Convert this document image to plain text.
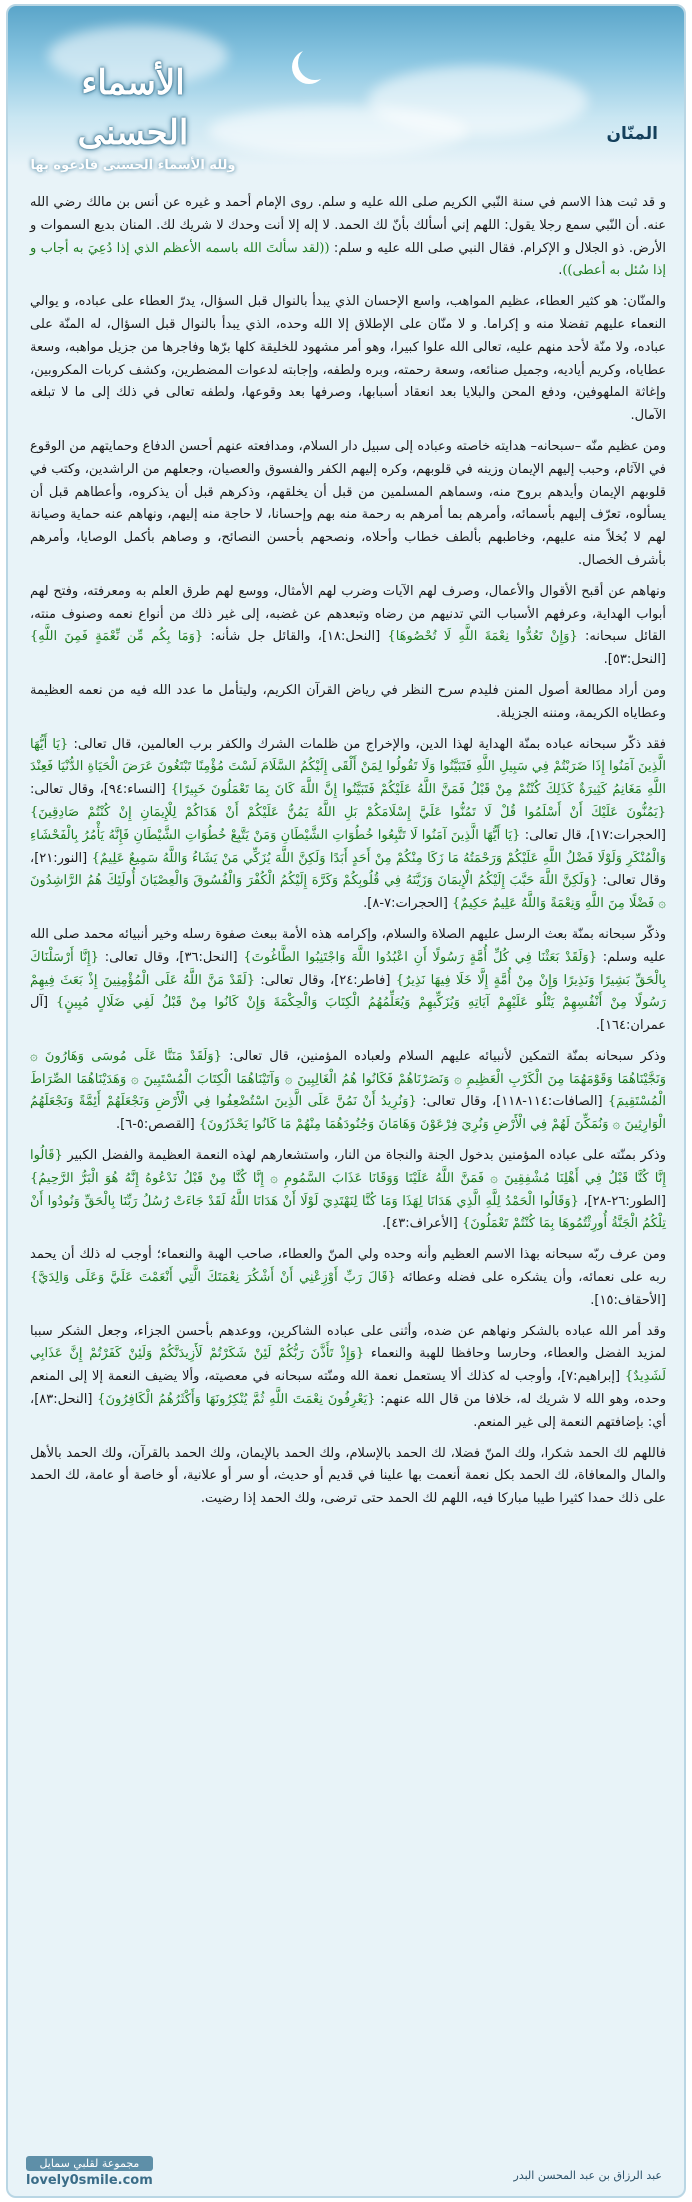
الأسماء الحسنى
ولله الأسماء الحسنى فادعوه بها
المنّان

و قد ثبت هذا الاسم في سنة النّبي الكريم صلى الله عليه و سلم. روى الإمام أحمد و غيره عن أنس بن مالك رضي الله عنه. أن النّبي سمع رجلا يقول: اللهم إني أسألك بأنّ لك الحمد. لا إله إلا أنت وحدك لا شريك لك. المنان بديع السموات و الأرض. ذو الجلال و الإكرام. فقال النبي صلى الله عليه و سلم: ((لقد سألتَ الله باسمه الأعظم الذي إذا دُعِيَ به أجاب و إذا سُئل به أعطى)).

والمنّان: هو كثير العطاء، عظيم المواهب، واسع الإحسان الذي يبدأ بالنوال قبل السؤال، يدرّ العطاء على عباده، و يوالي النعماء عليهم تفضلا منه و إكراما. و لا منّان على الإطلاق إلا الله وحده، الذي يبدأ بالنوال قبل السؤال، له المنّة على عباده، ولا منّة لأحد منهم عليه، تعالى الله علوا كبيرا، وهو أمر مشهود للخليقة كلها برّها وفاجرها من جزيل مواهبه، وسعة عطاياه، وكريم أياديه، وجميل صنائعه، وسعة رحمته، وبره ولطفه، وإجابته لدعوات المضطرين، وكشف كربات المكروبين، وإغاثة الملهوفين، ودفع المحن والبلايا بعد انعقاد أسبابها، وصرفها بعد وقوعها، ولطفه تعالى في ذلك إلى ما لا تبلغه الآمال.

ومن عظيم منّه –سبحانه– هدايته خاصته وعباده إلى سبيل دار السلام، ومدافعته عنهم أحسن الدفاع وحمايتهم من الوقوع في الآثام، وحبب إليهم الإيمان وزينه في قلوبهم، وكره إليهم الكفر والفسوق والعصيان، وجعلهم من الراشدين، وكتب في قلوبهم الإيمان وأيدهم بروح منه، وسماهم المسلمين من قبل أن يخلقهم، وذكرهم قبل أن يذكروه، وأعطاهم قبل أن يسألوه، تعرّف إليهم بأسمائه، وأمرهم بما أمرهم به رحمة منه بهم وإحسانا، لا حاجة منه إليهم، ونهاهم عنه حماية وصيانة لهم لا بُخلاً منه عليهم، وخاطبهم بألطف خطاب وأحلاه، ونصحهم بأحسن النصائح، و وصاهم بأكمل الوصايا، وأمرهم بأشرف الخصال.

ونهاهم عن أقبح الأقوال والأعمال، وصرف لهم الآيات وضرب لهم الأمثال، ووسع لهم طرق العلم به ومعرفته، وفتح لهم أبواب الهداية، وعرفهم الأسباب التي تدنيهم من رضاه وتبعدهم عن غضبه، إلى غير ذلك من أنواع نعمه وصنوف منته، القائل سبحانه: {وَإِنْ تَعُدُّوا نِعْمَةَ اللَّهِ لَا تُحْصُوهَا} [النحل:١٨]، والقائل جل شأنه: {وَمَا بِكُم مِّن نِّعْمَةٍ فَمِنَ اللَّهِ} [النحل:٥٣].

ومن أراد مطالعة أصول المنن فليدم سرح النظر في رياض القرآن الكريم، وليتأمل ما عدد الله فيه من نعمه العظيمة وعطاياه الكريمة، ومننه الجزيلة.

فقد ذكّر سبحانه عباده بمنّة الهداية لهذا الدين، والإخراج من ظلمات الشرك والكفر برب العالمين، قال تعالى: {يَا أَيُّهَا الَّذِينَ آمَنُوا إِذَا ضَرَبْتُمْ فِي سَبِيلِ اللَّهِ فَتَبَيَّنُوا وَلَا تَقُولُوا لِمَنْ أَلْقَى إِلَيْكُمُ السَّلَامَ لَسْتَ مُؤْمِنًا تَبْتَغُونَ عَرَضَ الْحَيَاةِ الدُّنْيَا فَعِنْدَ اللَّهِ مَغَانِمُ كَثِيرَةٌ كَذَلِكَ كُنْتُمْ مِنْ قَبْلُ فَمَنَّ اللَّهُ عَلَيْكُمْ فَتَبَيَّنُوا إِنَّ اللَّهَ كَانَ بِمَا تَعْمَلُونَ خَبِيرًا} [النساء:٩٤]، وقال تعالى: {يَمُنُّونَ عَلَيْكَ أَنْ أَسْلَمُوا قُلْ لَا تَمُنُّوا عَلَيَّ إِسْلَامَكُمْ بَلِ اللَّهُ يَمُنُّ عَلَيْكُمْ أَنْ هَدَاكُمْ لِلْإِيمَانِ إِنْ كُنْتُمْ صَادِقِينَ} [الحجرات:١٧]، قال تعالى: {يَا أَيُّهَا الَّذِينَ آمَنُوا لَا تَتَّبِعُوا خُطُوَاتِ الشَّيْطَانِ وَمَنْ يَتَّبِعْ خُطُوَاتِ الشَّيْطَانِ فَإِنَّهُ يَأْمُرُ بِالْفَحْشَاءِ وَالْمُنْكَرِ وَلَوْلَا فَضْلُ اللَّهِ عَلَيْكُمْ وَرَحْمَتُهُ مَا زَكَا مِنْكُمْ مِنْ أَحَدٍ أَبَدًا وَلَكِنَّ اللَّهَ يُزَكِّي مَنْ يَشَاءُ وَاللَّهُ سَمِيعٌ عَلِيمٌ} [النور:٢١]، وقال تعالى: {وَلَكِنَّ اللَّهَ حَبَّبَ إِلَيْكُمُ الْإِيمَانَ وَزَيَّنَهُ فِي قُلُوبِكُمْ وَكَرَّهَ إِلَيْكُمُ الْكُفْرَ وَالْفُسُوقَ وَالْعِصْيَانَ أُولَئِكَ هُمُ الرَّاشِدُونَ ۞ فَضْلًا مِنَ اللَّهِ وَنِعْمَةً وَاللَّهُ عَلِيمٌ حَكِيمٌ} [الحجرات:٧-٨].

وذكّر سبحانه بمنّة بعث الرسل عليهم الصلاة والسلام، وإكرامه هذه الأمة ببعث صفوة رسله وخير أنبيائه محمد صلى الله عليه وسلم: {وَلَقَدْ بَعَثْنَا فِي كُلِّ أُمَّةٍ رَسُولًا أَنِ اعْبُدُوا اللَّهَ وَاجْتَنِبُوا الطَّاغُوتَ} [النحل:٣٦]، وقال تعالى: {إِنَّا أَرْسَلْنَاكَ بِالْحَقِّ بَشِيرًا وَنَذِيرًا وَإِنْ مِنْ أُمَّةٍ إِلَّا خَلَا فِيهَا نَذِيرٌ} [فاطر:٢٤]، وقال تعالى: {لَقَدْ مَنَّ اللَّهُ عَلَى الْمُؤْمِنِينَ إِذْ بَعَثَ فِيهِمْ رَسُولًا مِنْ أَنْفُسِهِمْ يَتْلُو عَلَيْهِمْ آيَاتِهِ وَيُزَكِّيهِمْ وَيُعَلِّمُهُمُ الْكِتَابَ وَالْحِكْمَةَ وَإِنْ كَانُوا مِنْ قَبْلُ لَفِي ضَلَالٍ مُبِينٍ} [آل عمران:١٦٤].

وذكر سبحانه بمنّة التمكين لأنبيائه عليهم السلام ولعباده المؤمنين، قال تعالى: {وَلَقَدْ مَنَنَّا عَلَى مُوسَى وَهَارُونَ ۞ وَنَجَّيْنَاهُمَا وَقَوْمَهُمَا مِنَ الْكَرْبِ الْعَظِيمِ ۞ وَنَصَرْنَاهُمْ فَكَانُوا هُمُ الْغَالِبِينَ ۞ وَآتَيْنَاهُمَا الْكِتَابَ الْمُسْتَبِينَ ۞ وَهَدَيْنَاهُمَا الصِّرَاطَ الْمُسْتَقِيمَ} [الصافات:١١٤-١١٨]، وقال تعالى: {وَنُرِيدُ أَنْ نَمُنَّ عَلَى الَّذِينَ اسْتُضْعِفُوا فِي الْأَرْضِ وَنَجْعَلَهُمْ أَئِمَّةً وَنَجْعَلَهُمُ الْوَارِثِينَ ۞ وَنُمَكِّنَ لَهُمْ فِي الْأَرْضِ وَنُرِيَ فِرْعَوْنَ وَهَامَانَ وَجُنُودَهُمَا مِنْهُمْ مَا كَانُوا يَحْذَرُونَ} [القصص:٥-٦].

وذكر بمنّته على عباده المؤمنين بدخول الجنة والنجاة من النار، واستشعارهم لهذه النعمة العظيمة والفضل الكبير {قَالُوا إِنَّا كُنَّا قَبْلُ فِي أَهْلِنَا مُشْفِقِينَ ۞ فَمَنَّ اللَّهُ عَلَيْنَا وَوَقَانَا عَذَابَ السَّمُومِ ۞ إِنَّا كُنَّا مِنْ قَبْلُ نَدْعُوهُ إِنَّهُ هُوَ الْبَرُّ الرَّحِيمُ} [الطور:٢٦-٢٨]، {وَقَالُوا الْحَمْدُ لِلَّهِ الَّذِي هَدَانَا لِهَذَا وَمَا كُنَّا لِنَهْتَدِيَ لَوْلَا أَنْ هَدَانَا اللَّهُ لَقَدْ جَاءَتْ رُسُلُ رَبِّنَا بِالْحَقِّ وَنُودُوا أَنْ تِلْكُمُ الْجَنَّةُ أُورِثْتُمُوهَا بِمَا كُنْتُمْ تَعْمَلُونَ} [الأعراف:٤٣].

ومن عرف ربّه سبحانه بهذا الاسم العظيم وأنه وحده ولي المنّ والعطاء، صاحب الهبة والنعماء؛ أوجب له ذلك أن يحمد ربه على نعمائه، وأن يشكره على فضله وعطائه {قَالَ رَبِّ أَوْزِعْنِي أَنْ أَشْكُرَ نِعْمَتَكَ الَّتِي أَنْعَمْتَ عَلَيَّ وَعَلَى وَالِدَيَّ} [الأحقاف:١٥].

وقد أمر الله عباده بالشكر ونهاهم عن ضده، وأثنى على عباده الشاكرين، ووعدهم بأحسن الجزاء، وجعل الشكر سببا لمزيد الفضل والعطاء، وحارسا وحافظا للهبة والنعماء {وَإِذْ تَأَذَّنَ رَبُّكُمْ لَئِنْ شَكَرْتُمْ لَأَزِيدَنَّكُمْ وَلَئِنْ كَفَرْتُمْ إِنَّ عَذَابِي لَشَدِيدٌ} [إبراهيم:٧]، وأوجب له كذلك ألا يستعمل نعمة الله ومنّته سبحانه في معصيته، وألا يضيف النعمة إلا إلى المنعم وحده، وهو الله لا شريك له، خلافا من قال الله عنهم: {يَعْرِفُونَ نِعْمَتَ اللَّهِ ثُمَّ يُنْكِرُونَهَا وَأَكْثَرُهُمُ الْكَافِرُونَ} [النحل:٨٣]، أي: بإضافتهم النعمة إلى غير المنعم.

فاللهم لك الحمد شكرا، ولك المنّ فضلا، لك الحمد بالإسلام، ولك الحمد بالإيمان، ولك الحمد بالقرآن، ولك الحمد بالأهل والمال والمعافاة، لك الحمد بكل نعمة أنعمت بها علينا في قديم أو حديث، أو سر أو علانية، أو خاصة أو عامة، لك الحمد على ذلك حمدا كثيرا طيبا مباركا فيه، اللهم لك الحمد حتى ترضى، ولك الحمد إذا رضيت.

مجموعة لقلبي سمايل
lovely0smile.com	عبد الرزاق بن عبد المحسن البدر
